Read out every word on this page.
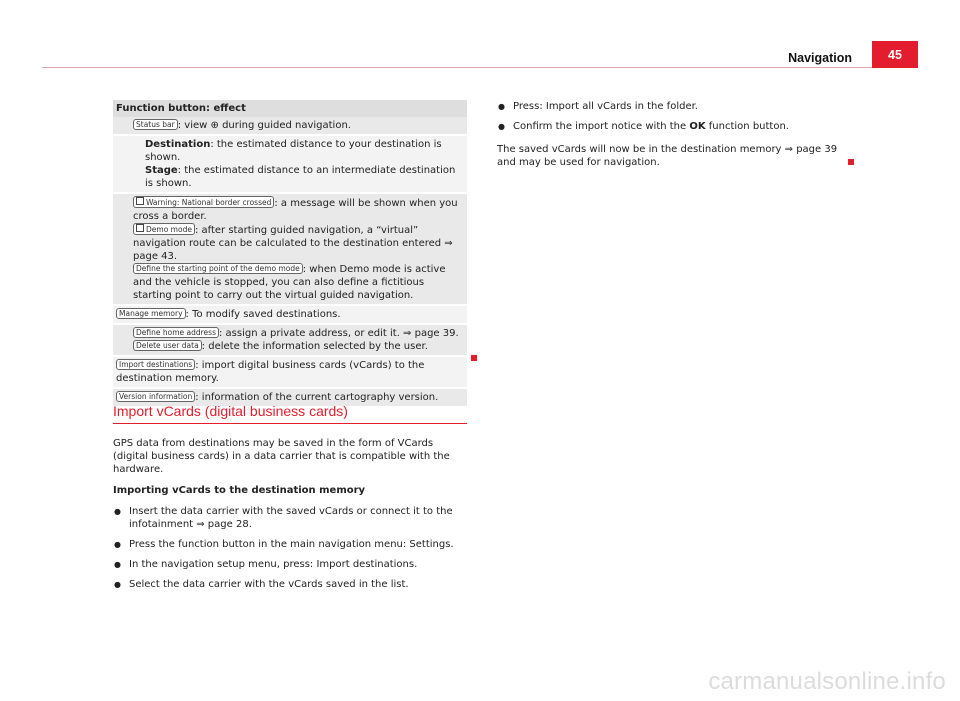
Navigation	45
Function button: effect
Status bar : view ⊕ during guided navigation.
Destination: the estimated distance to your destination is shown.
Stage: the estimated distance to an intermediate destination is shown.
Warning: National border crossed : a message will be shown when you cross a border.
Demo mode : after starting guided navigation, a “virtual” navigation route can be calculated to the destination entered ⇒ page 43.
Define the starting point of the demo mode : when Demo mode is active and the vehicle is stopped, you can also define a fictitious starting point to carry out the virtual guided navigation.
Manage memory : To modify saved destinations.
Define home address : assign a private address, or edit it. ⇒ page 39.
Delete user data : delete the information selected by the user.
Import destinations : import digital business cards (vCards) to the destination memory.
Version information : information of the current cartography version.
Import vCards (digital business cards)

GPS data from destinations may be saved in the form of VCards (digital business cards) in a data carrier that is compatible with the hardware.

Importing vCards to the destination memory

● Insert the data carrier with the saved vCards or connect it to the infotainment ⇒ page 28.
● Press the function button in the main navigation menu: Settings.
● In the navigation setup menu, press: Import destinations.
● Select the data carrier with the vCards saved in the list.
● Press: Import all vCards in the folder.
● Confirm the import notice with the OK function button.

The saved vCards will now be in the destination memory ⇒ page 39 and may be used for navigation.

carmanualsonline.info
